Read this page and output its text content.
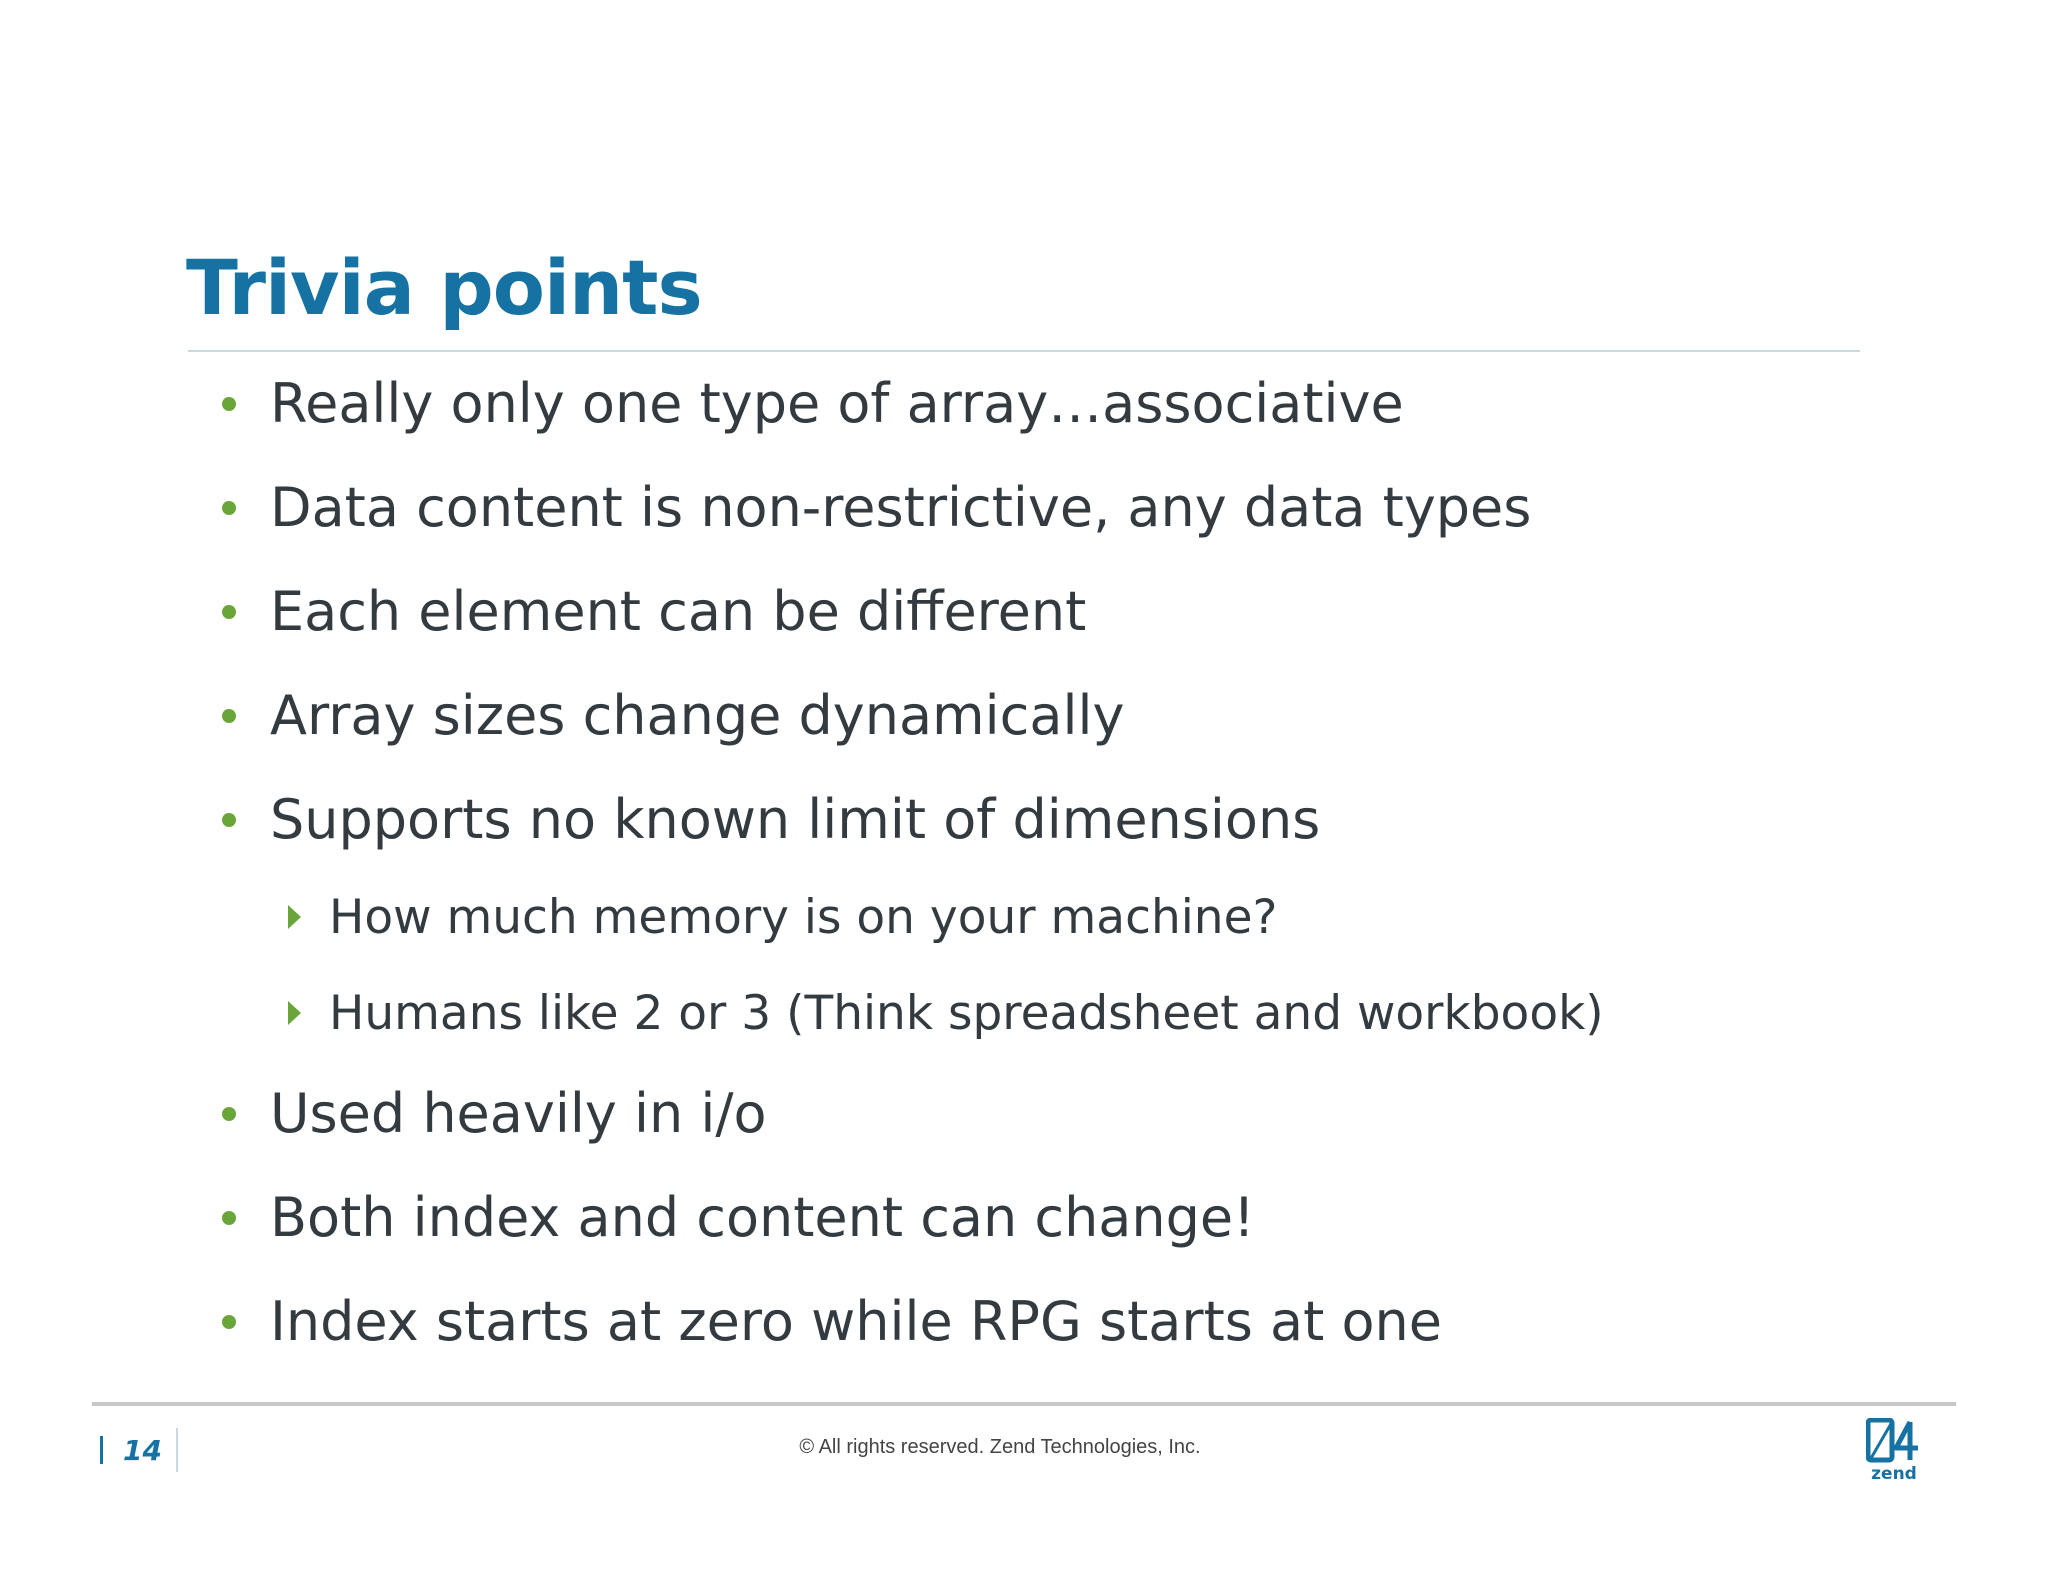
Trivia points
Really only one type of array…associative
Data content is non-restrictive, any data types
Each element can be different
Array sizes change dynamically
Supports no known limit of dimensions
How much memory is on your machine?
Humans like 2 or 3 (Think spreadsheet and workbook)
Used heavily in i/o
Both index and content can change!
Index starts at zero while RPG starts at one
14	© All rights reserved. Zend Technologies, Inc.
zend
